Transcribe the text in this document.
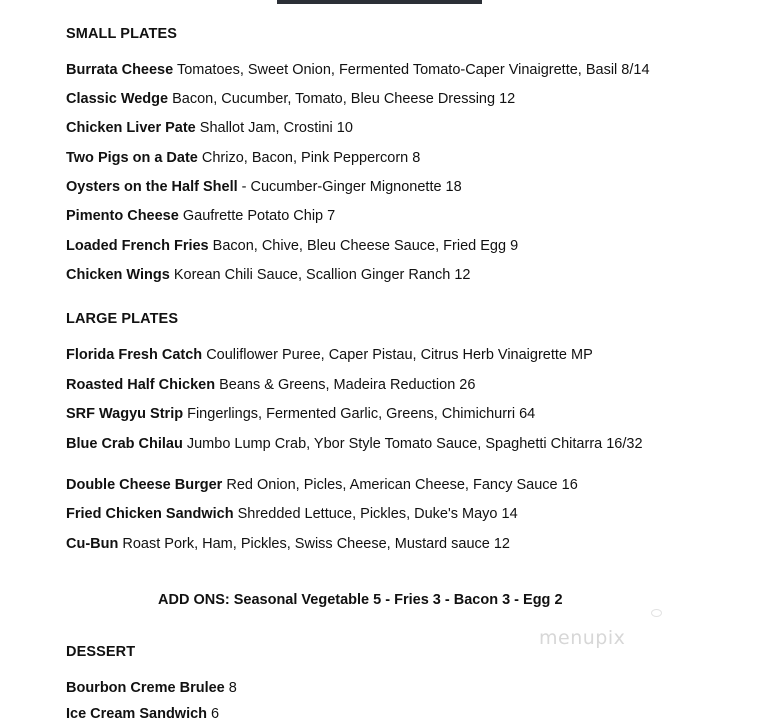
SMALL PLATES

Burrata Cheese Tomatoes, Sweet Onion, Fermented Tomato-Caper Vinaigrette, Basil 8/14

Classic Wedge Bacon, Cucumber, Tomato, Bleu Cheese Dressing 12

Chicken Liver Pate Shallot Jam, Crostini 10

Two Pigs on a Date Chrizo, Bacon, Pink Peppercorn 8

Oysters on the Half Shell - Cucumber-Ginger Mignonette 18

Pimento Cheese Gaufrette Potato Chip 7

Loaded French Fries Bacon, Chive, Bleu Cheese Sauce, Fried Egg 9

Chicken Wings Korean Chili Sauce, Scallion Ginger Ranch 12

LARGE PLATES

Florida Fresh Catch Couliflower Puree, Caper Pistau, Citrus Herb Vinaigrette MP

Roasted Half Chicken Beans & Greens, Madeira Reduction 26

SRF Wagyu Strip Fingerlings, Fermented Garlic, Greens, Chimichurri 64

Blue Crab Chilau Jumbo Lump Crab, Ybor Style Tomato Sauce, Spaghetti Chitarra 16/32

Double Cheese Burger Red Onion, Picles, American Cheese, Fancy Sauce 16

Fried Chicken Sandwich Shredded Lettuce, Pickles, Duke's Mayo 14

Cu-Bun Roast Pork, Ham, Pickles, Swiss Cheese, Mustard sauce 12

ADD ONS: Seasonal Vegetable 5 - Fries 3 - Bacon 3 - Egg 2
DESSERT

Bourbon Creme Brulee 8

Ice Cream Sandwich 6

menupix
